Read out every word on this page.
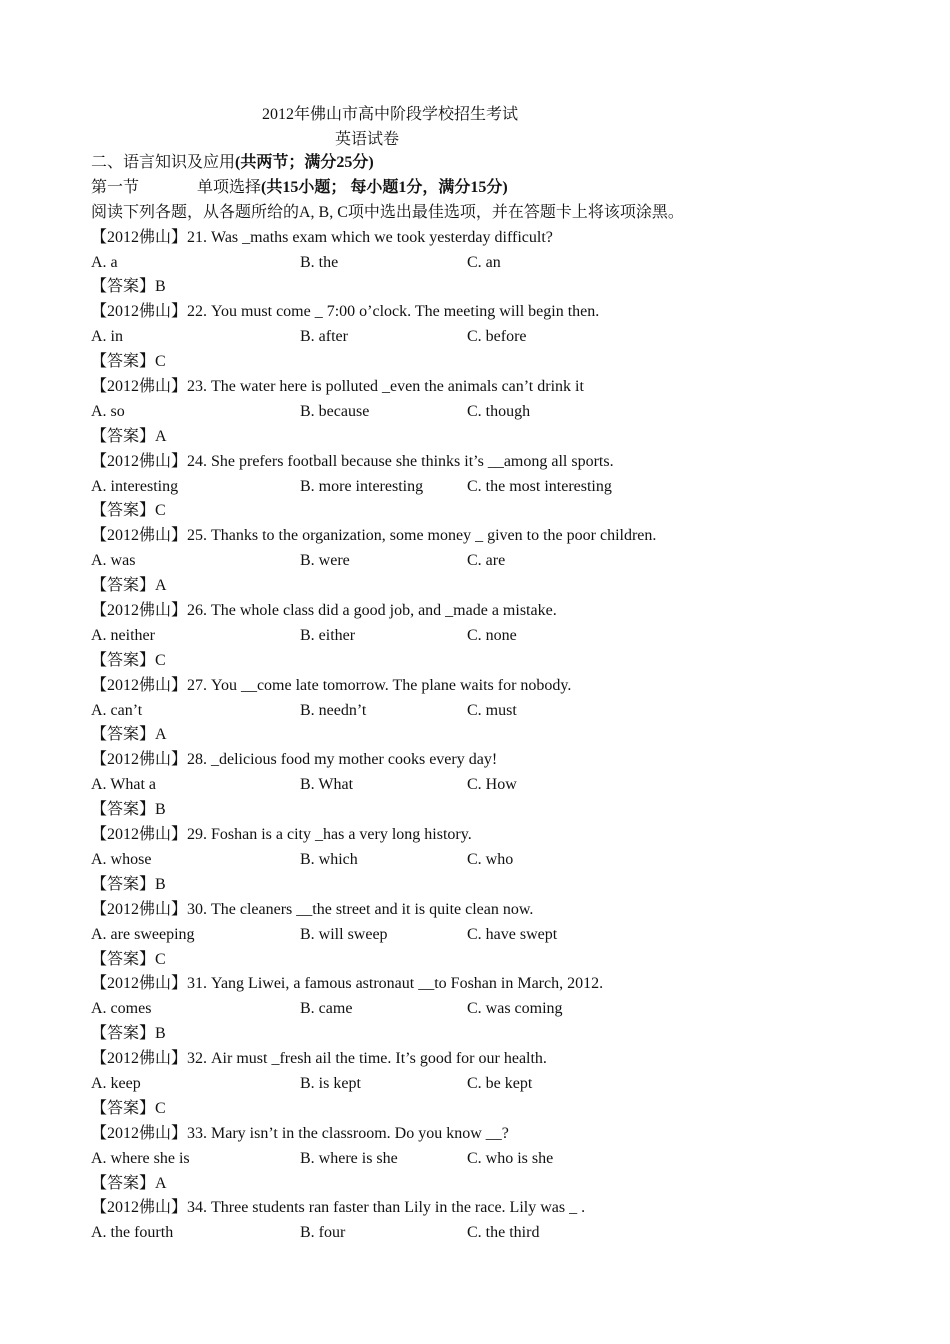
2012年佛山市高中阶段学校招生考试
英语试卷
二、语言知识及应用(共两节；满分25分)
第一节	单项选择(共15小题； 每小题1分，满分15分)
阅读下列各题，从各题所给的A, B, C项中选出最佳选项，并在答题卡上将该项涂黑。
【2012佛山】21. Was _maths exam which we took yesterday difficult?
A. a	B. the	C. an
【答案】B
【2012佛山】22. You must come _ 7:00 o’clock. The meeting will begin then.
A. in	B. after	C. before
【答案】C
【2012佛山】23. The water here is polluted _even the animals can’t drink it
A. so	B. because	C. though
【答案】A
【2012佛山】24. She prefers football because she thinks it’s __among all sports.
A. interesting	B. more interesting	C. the most interesting
【答案】C
【2012佛山】25. Thanks to the organization, some money _ given to the poor children.
A. was	B. were	C. are
【答案】A
【2012佛山】26. The whole class did a good job, and _made a mistake.
A. neither	B. either	C. none
【答案】C
【2012佛山】27. You __come late tomorrow. The plane waits for nobody.
A. can’t	B. needn’t	C. must
【答案】A
【2012佛山】28. _delicious food my mother cooks every day!
A. What a	B. What	C. How
【答案】B
【2012佛山】29. Foshan is a city _has a very long history.
A. whose	B. which	C. who
【答案】B
【2012佛山】30. The cleaners __the street and it is quite clean now.
A. are sweeping	B. will sweep	C. have swept
【答案】C
【2012佛山】31. Yang Liwei, a famous astronaut __to Foshan in March, 2012.
A. comes	B. came	C. was coming
【答案】B
【2012佛山】32. Air must _fresh ail the time. It’s good for our health.
A. keep	B. is kept	C. be kept
【答案】C
【2012佛山】33. Mary isn’t in the classroom. Do you know __?
A. where she is	B. where is she	C. who is she
【答案】A
【2012佛山】34. Three students ran faster than Lily in the race. Lily was _ .
A. the fourth	B. four	C. the third
